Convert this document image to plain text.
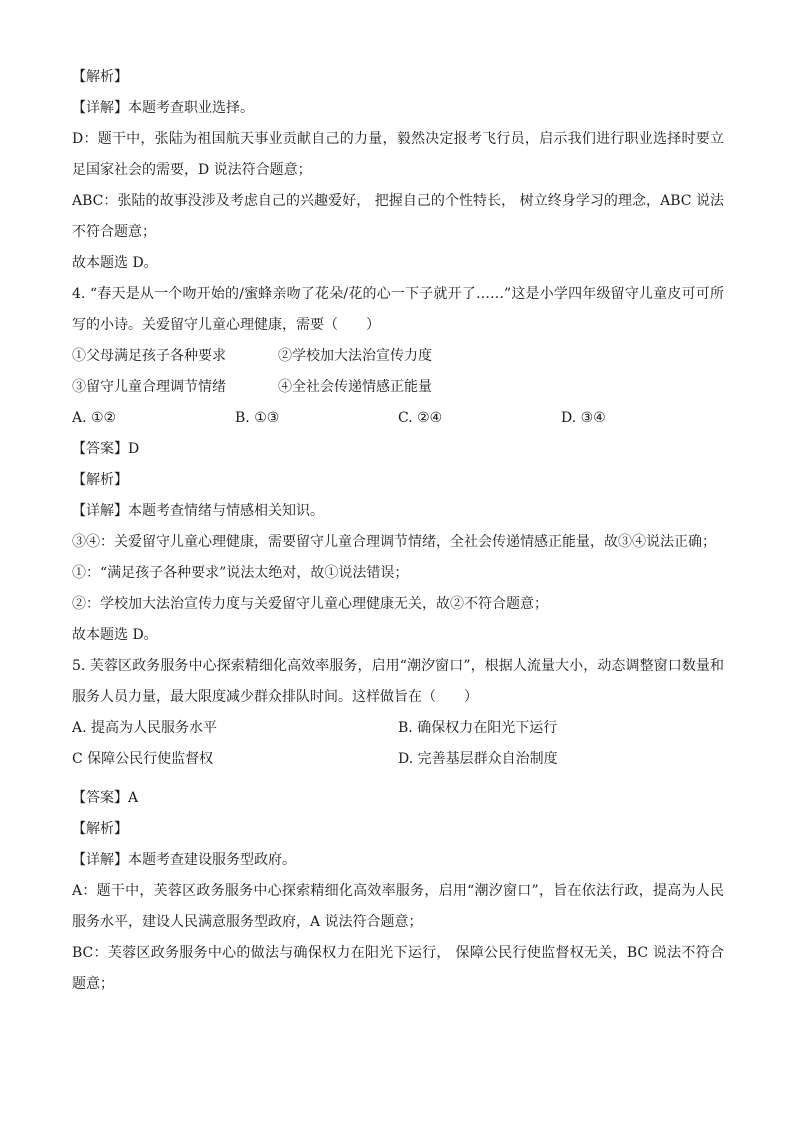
【解析】
【详解】本题考查职业选择。
D：题干中，张陆为祖国航天事业贡献自己的力量，毅然决定报考飞行员，启示我们进行职业选择时要立足国家社会的需要，D 说法符合题意；
ABC：张陆的故事没涉及考虑自己的兴趣爱好， 把握自己的个性特长， 树立终身学习的理念，ABC 说法不符合题意；
故本题选 D。
4. “春天是从一个吻开始的/蜜蜂亲吻了花朵/花的心一下子就开了……”这是小学四年级留守儿童皮可可所写的小诗。关爱留守儿童心理健康，需要（　　）
①父母满足孩子各种要求	②学校加大法治宣传力度
③留守儿童合理调节情绪	④全社会传递情感正能量
A. ①②	B. ①③	C. ②④	D. ③④
【答案】D
【解析】
【详解】本题考查情绪与情感相关知识。
③④：关爱留守儿童心理健康，需要留守儿童合理调节情绪，全社会传递情感正能量，故③④说法正确；
①：“满足孩子各种要求”说法太绝对，故①说法错误；
②：学校加大法治宣传力度与关爱留守儿童心理健康无关，故②不符合题意；
故本题选 D。
5. 芙蓉区政务服务中心探索精细化高效率服务，启用“潮汐窗口”，根据人流量大小，动态调整窗口数量和服务人员力量，最大限度减少群众排队时间。这样做旨在（　　）
A. 提高为人民服务水平	B. 确保权力在阳光下运行
C 保障公民行使监督权	D. 完善基层群众自治制度
【答案】A
【解析】
【详解】本题考查建设服务型政府。
A：题干中，芙蓉区政务服务中心探索精细化高效率服务，启用“潮汐窗口”，旨在依法行政，提高为人民服务水平，建设人民满意服务型政府，A 说法符合题意；
BC：芙蓉区政务服务中心的做法与确保权力在阳光下运行， 保障公民行使监督权无关，BC 说法不符合题意；
